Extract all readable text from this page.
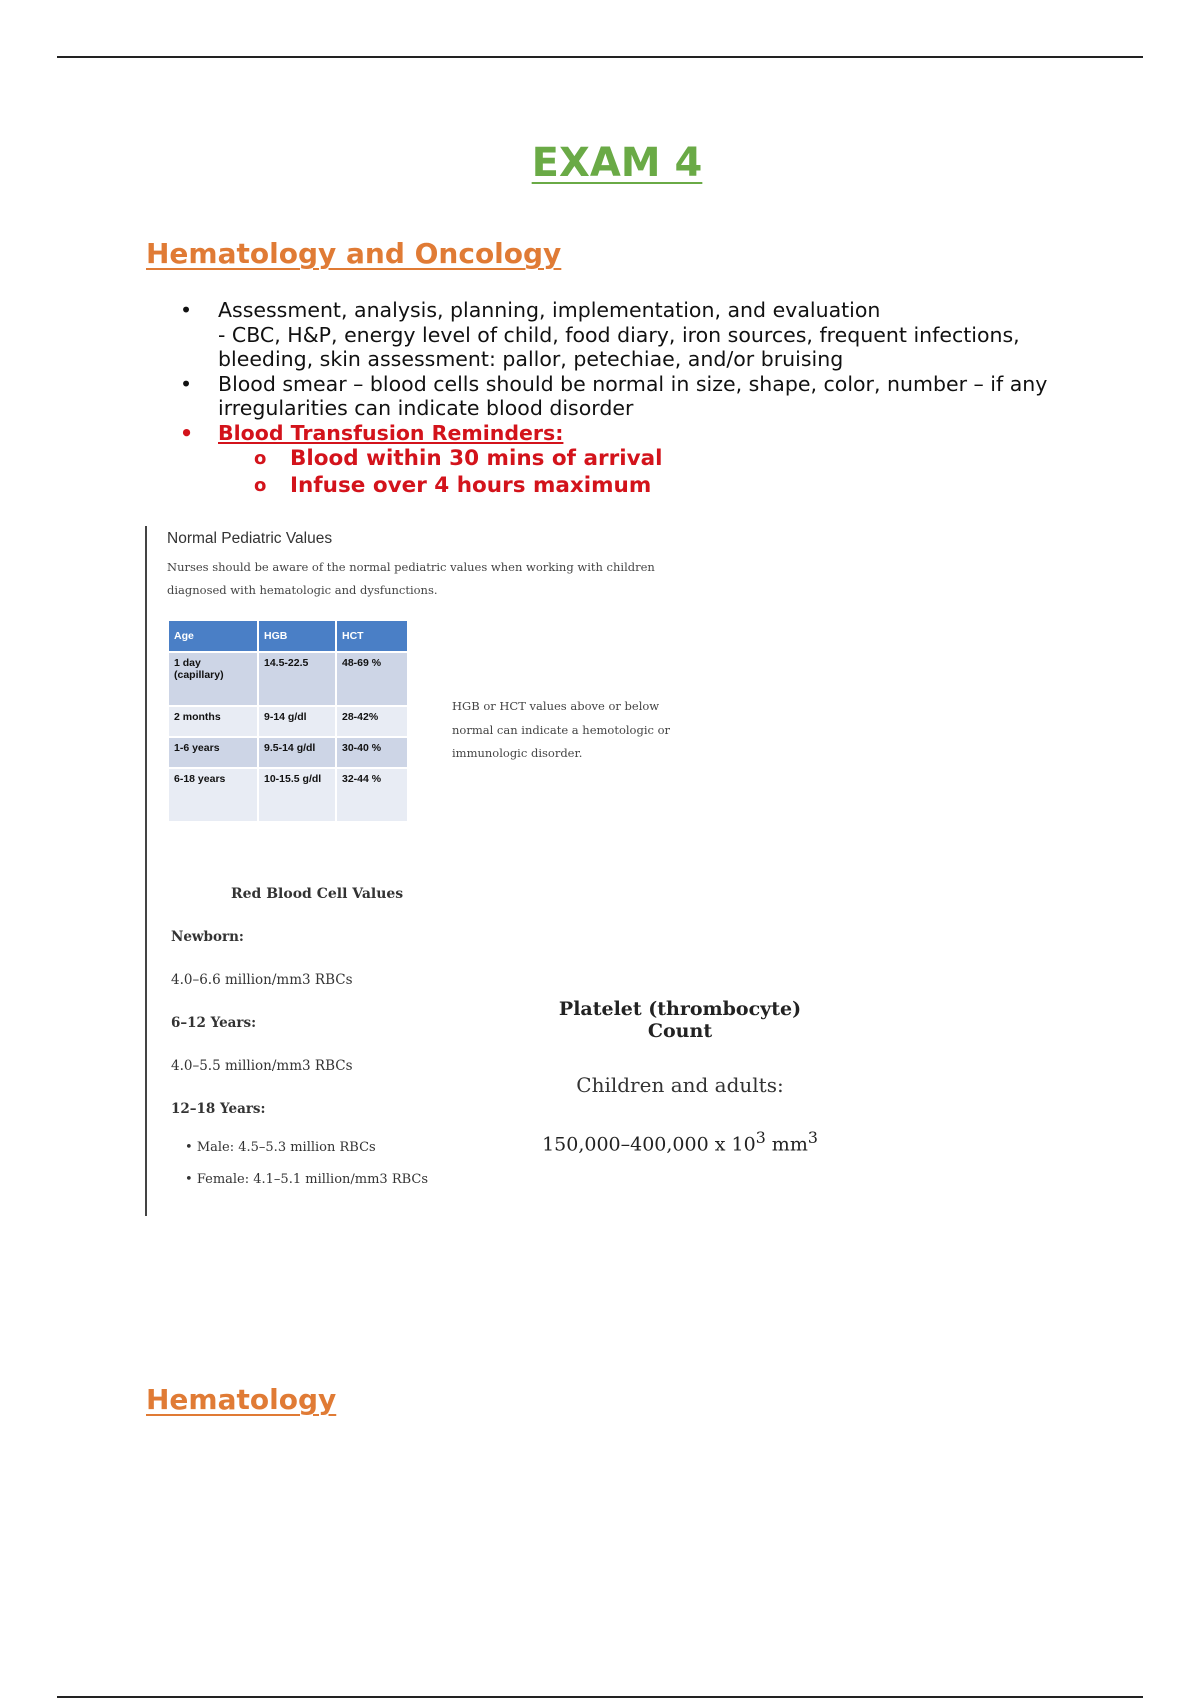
EXAM 4
Hematology and Oncology
• Assessment, analysis, planning, implementation, and evaluation
- CBC, H&P, energy level of child, food diary, iron sources, frequent infections,
bleeding, skin assessment: pallor, petechiae, and/or bruising
• Blood smear – blood cells should be normal in size, shape, color, number – if any
irregularities can indicate blood disorder
• Blood Transfusion Reminders:
o Blood within 30 mins of arrival
o Infuse over 4 hours maximum
Normal Pediatric Values
Nurses should be aware of the normal pediatric values when working with children
diagnosed with hematologic and dysfunctions.
Age	HGB	HCT

1 day
(capillary)	14.5-22.5	48-69 %
2 months	9-14 g/dl	28-42%
1-6 years	9.5-14 g/dl	30-40 %
6-18 years	10-15.5 g/dl	32-44 %
HGB or HCT values above or below
normal can indicate a hemotologic or
immunologic disorder.
Red Blood Cell Values
Newborn:
4.0–6.6 million/mm3 RBCs
6–12 Years:
4.0–5.5 million/mm3 RBCs
12–18 Years:
• Male: 4.5–5.3 million RBCs
• Female: 4.1–5.1 million/mm3 RBCs
Platelet (thrombocyte) Count
Children and adults:
150,000–400,000 x $10^3$ $mm^3$
Hematology
